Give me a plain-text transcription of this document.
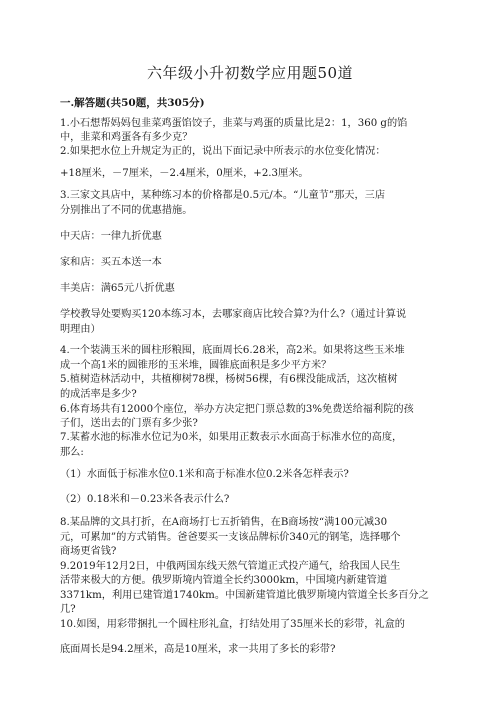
六年级小升初数学应用题50道
一.解答题(共50题，共305分)
1.小石想帮妈妈包韭菜鸡蛋馅饺子，韭菜与鸡蛋的质量比是2：1，360 g的馅
中，韭菜和鸡蛋各有多少克？
2.如果把水位上升规定为正的，说出下面记录中所表示的水位变化情况：
+18厘米，－7厘米，－2.4厘米，0厘米，+2.3厘米。
3.三家文具店中，某种练习本的价格都是0.5元/本。“儿童节”那天，三店
分别推出了不同的优惠措施。
中天店：一律九折优惠
家和店：买五本送一本
丰美店：满65元八折优惠
学校教导处要购买120本练习本，去哪家商店比较合算?为什么?（通过计算说
明理由）
4.一个装满玉米的圆柱形粮囤，底面周长6.28米，高2米。如果将这些玉米堆
成一个高1米的圆锥形的玉米堆，圆锥底面积是多少平方米？
5.植树造林活动中，共植柳树78棵，杨树56棵，有6棵没能成活，这次植树
的成活率是多少?
6.体育场共有12000个座位，举办方决定把门票总数的3%免费送给福利院的孩
子们，送出去的门票有多少张?
7.某蓄水池的标准水位记为0米，如果用正数表示水面高于标准水位的高度，
那么:
（1）水面低于标准水位0.1米和高于标准水位0.2米各怎样表示?
（2）0.18米和－0.23米各表示什么?
8.某品牌的文具打折，在A商场打七五折销售，在B商场按“满100元减30
元，可累加”的方式销售。爸爸要买一支该品牌标价340元的钢笔，选择哪个
商场更省钱?
9.2019年12月2日，中俄两国东线天然气管道正式投产通气，给我国人民生
活带来极大的方便。俄罗斯境内管道全长约3000km，中国境内新建管道
3371km，利用已建管道1740km。中国新建管道比俄罗斯境内管道全长多百分之
几?
10.如图，用彩带捆扎一个圆柱形礼盒，打结处用了35厘米长的彩带，礼盒的
底面周长是94.2厘米，高是10厘米，求一共用了多长的彩带?
